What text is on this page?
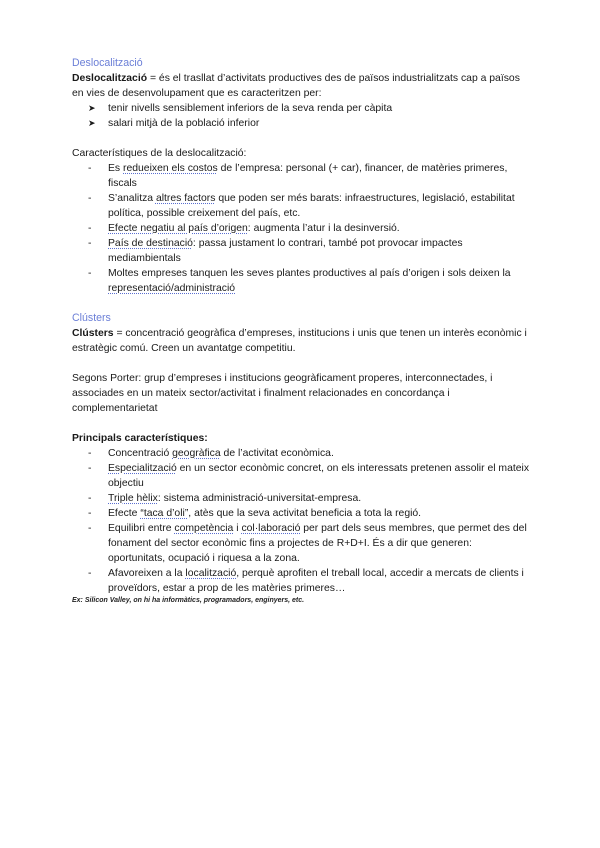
Deslocalització

Deslocalització = és el trasllat d’activitats productives des de països industrialitzats cap a països en vies de desenvolupament que es caracteritzen per:

➤ tenir nivells sensiblement inferiors de la seva renda per càpita
➤ salari mitjà de la població inferior

Característiques de la deslocalització:

- Es redueixen els costos de l’empresa: personal (+ car), financer, de matèries primeres, fiscals
- S’analitza altres factors que poden ser més barats: infraestructures, legislació, estabilitat política, possible creixement del país, etc.
- Efecte negatiu al país d’origen: augmenta l’atur i la desinversió.
- País de destinació: passa justament lo contrari, també pot provocar impactes mediambientals
- Moltes empreses tanquen les seves plantes productives al país d’origen i sols deixen la representació/administració

Clústers

Clústers = concentració geogràfica d’empreses, institucions i unis que tenen un interès econòmic i estratègic comú. Creen un avantatge competitiu.

Segons Porter: grup d’empreses i institucions geogràficament properes, interconnectades, i associades en un mateix sector/activitat i finalment relacionades en concordança i complementarietat

Principals característiques:

- Concentració geogràfica de l’activitat econòmica.
- Especialització en un sector econòmic concret, on els interessats pretenen assolir el mateix objectiu
- Triple hèlix: sistema administració-universitat-empresa.
- Efecte “taca d’oli”, atès que la seva activitat beneficia a tota la regió.
- Equilibri entre competència i col·laboració per part dels seus membres, que permet des del fonament del sector econòmic fins a projectes de R+D+I. És a dir que generen: oportunitats, ocupació i riquesa a la zona.
- Afavoreixen a la localització, perquè aprofiten el treball local, accedir a mercats de clients i proveïdors, estar a prop de les matèries primeres…

Ex: Silicon Valley, on hi ha informàtics, programadors, enginyers, etc.
